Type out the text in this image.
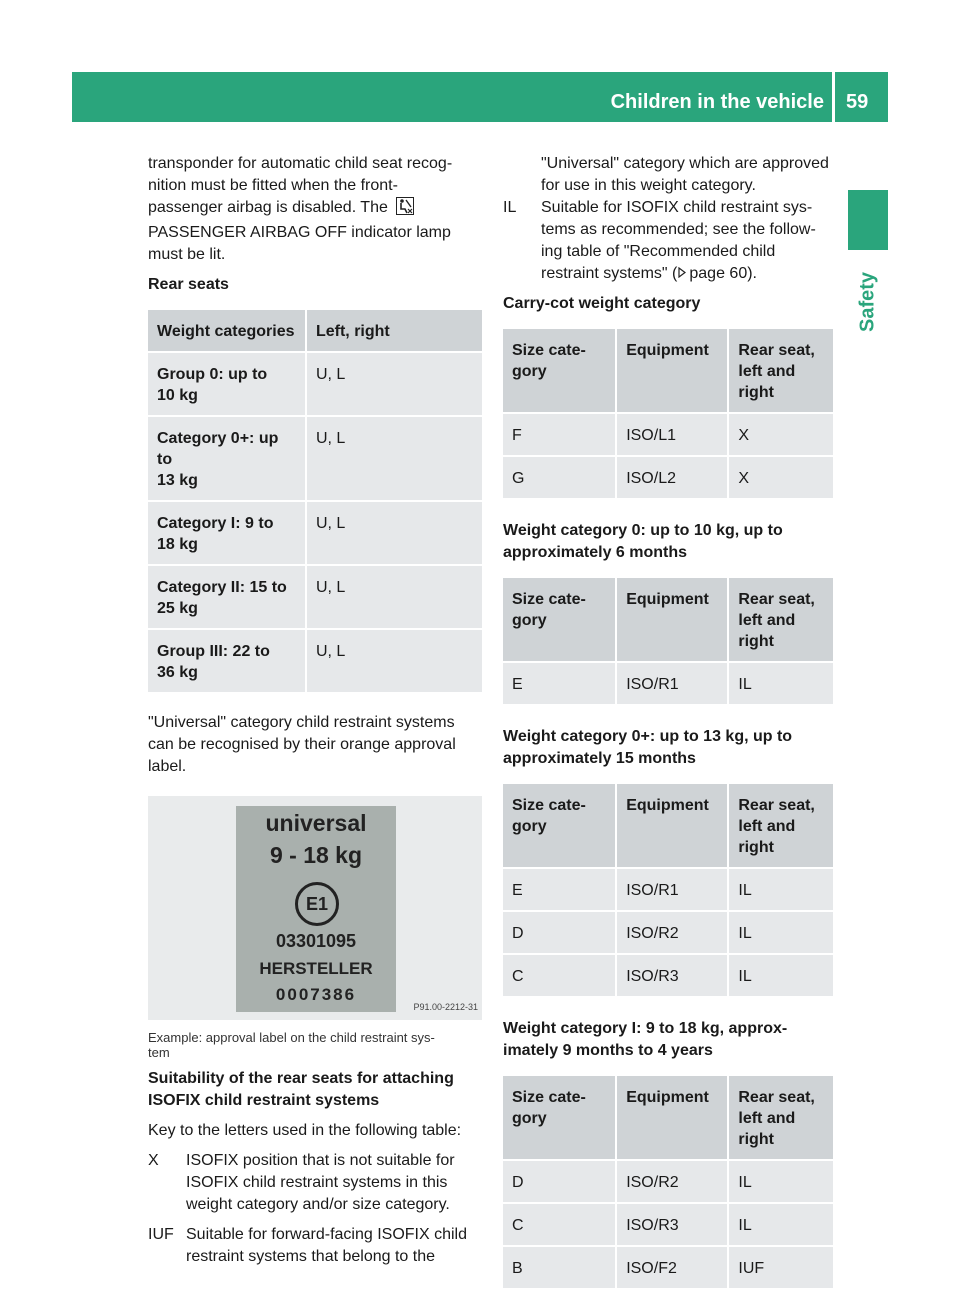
Children in the vehicle 59
Safety

transponder for automatic child seat recog-

nition must be fitted when the front-

passenger airbag is disabled. The

PASSENGER AIRBAG OFF indicator lamp

must be lit.

Rear seats

Weight categories	Left, right
Group 0: up to
10 kg	U, L
Category 0+: up to
13 kg	U, L
Category I: 9 to
18 kg	U, L
Category II: 15 to
25 kg	U, L
Group III: 22 to
36 kg	U, L

"Universal" category child restraint systems

can be recognised by their orange approval

label.

universal
9 - 18 kg
E1
03301095
HERSTELLER
0007386
P91.00-2212-31

Example: approval label on the child restraint sys-

tem

Suitability of the rear seats for attaching

ISOFIX child restraint systems

Key to the letters used in the following table:

X	ISOFIX position that is not suitable for

ISOFIX child restraint systems in this

weight category and/or size category.

IUF Suitable for forward-facing ISOFIX child

restraint systems that belong to the

"Universal" category which are approved

for use in this weight category.

IL	Suitable for ISOFIX child restraint sys-

tems as recommended; see the follow-

ing table of "Recommended child

restraint systems" ( page 60).

Carry-cot weight category

Size cate-
gory	Equipment	Rear seat,
left and
right
F	ISO/L1	X
G	ISO/L2	X

Weight category 0: up to 10 kg, up to

approximately 6 months

Size cate-
gory	Equipment	Rear seat,
left and
right
E	ISO/R1	IL

Weight category 0+: up to 13 kg, up to

approximately 15 months

Size cate-
gory	Equipment	Rear seat,
left and
right
E	ISO/R1	IL
D	ISO/R2	IL
C	ISO/R3	IL

Weight category I: 9 to 18 kg, approx-

imately 9 months to 4 years

Size cate-
gory	Equipment	Rear seat,
left and
right
D	ISO/R2	IL
C	ISO/R3	IL
B	ISO/F2	IUF
